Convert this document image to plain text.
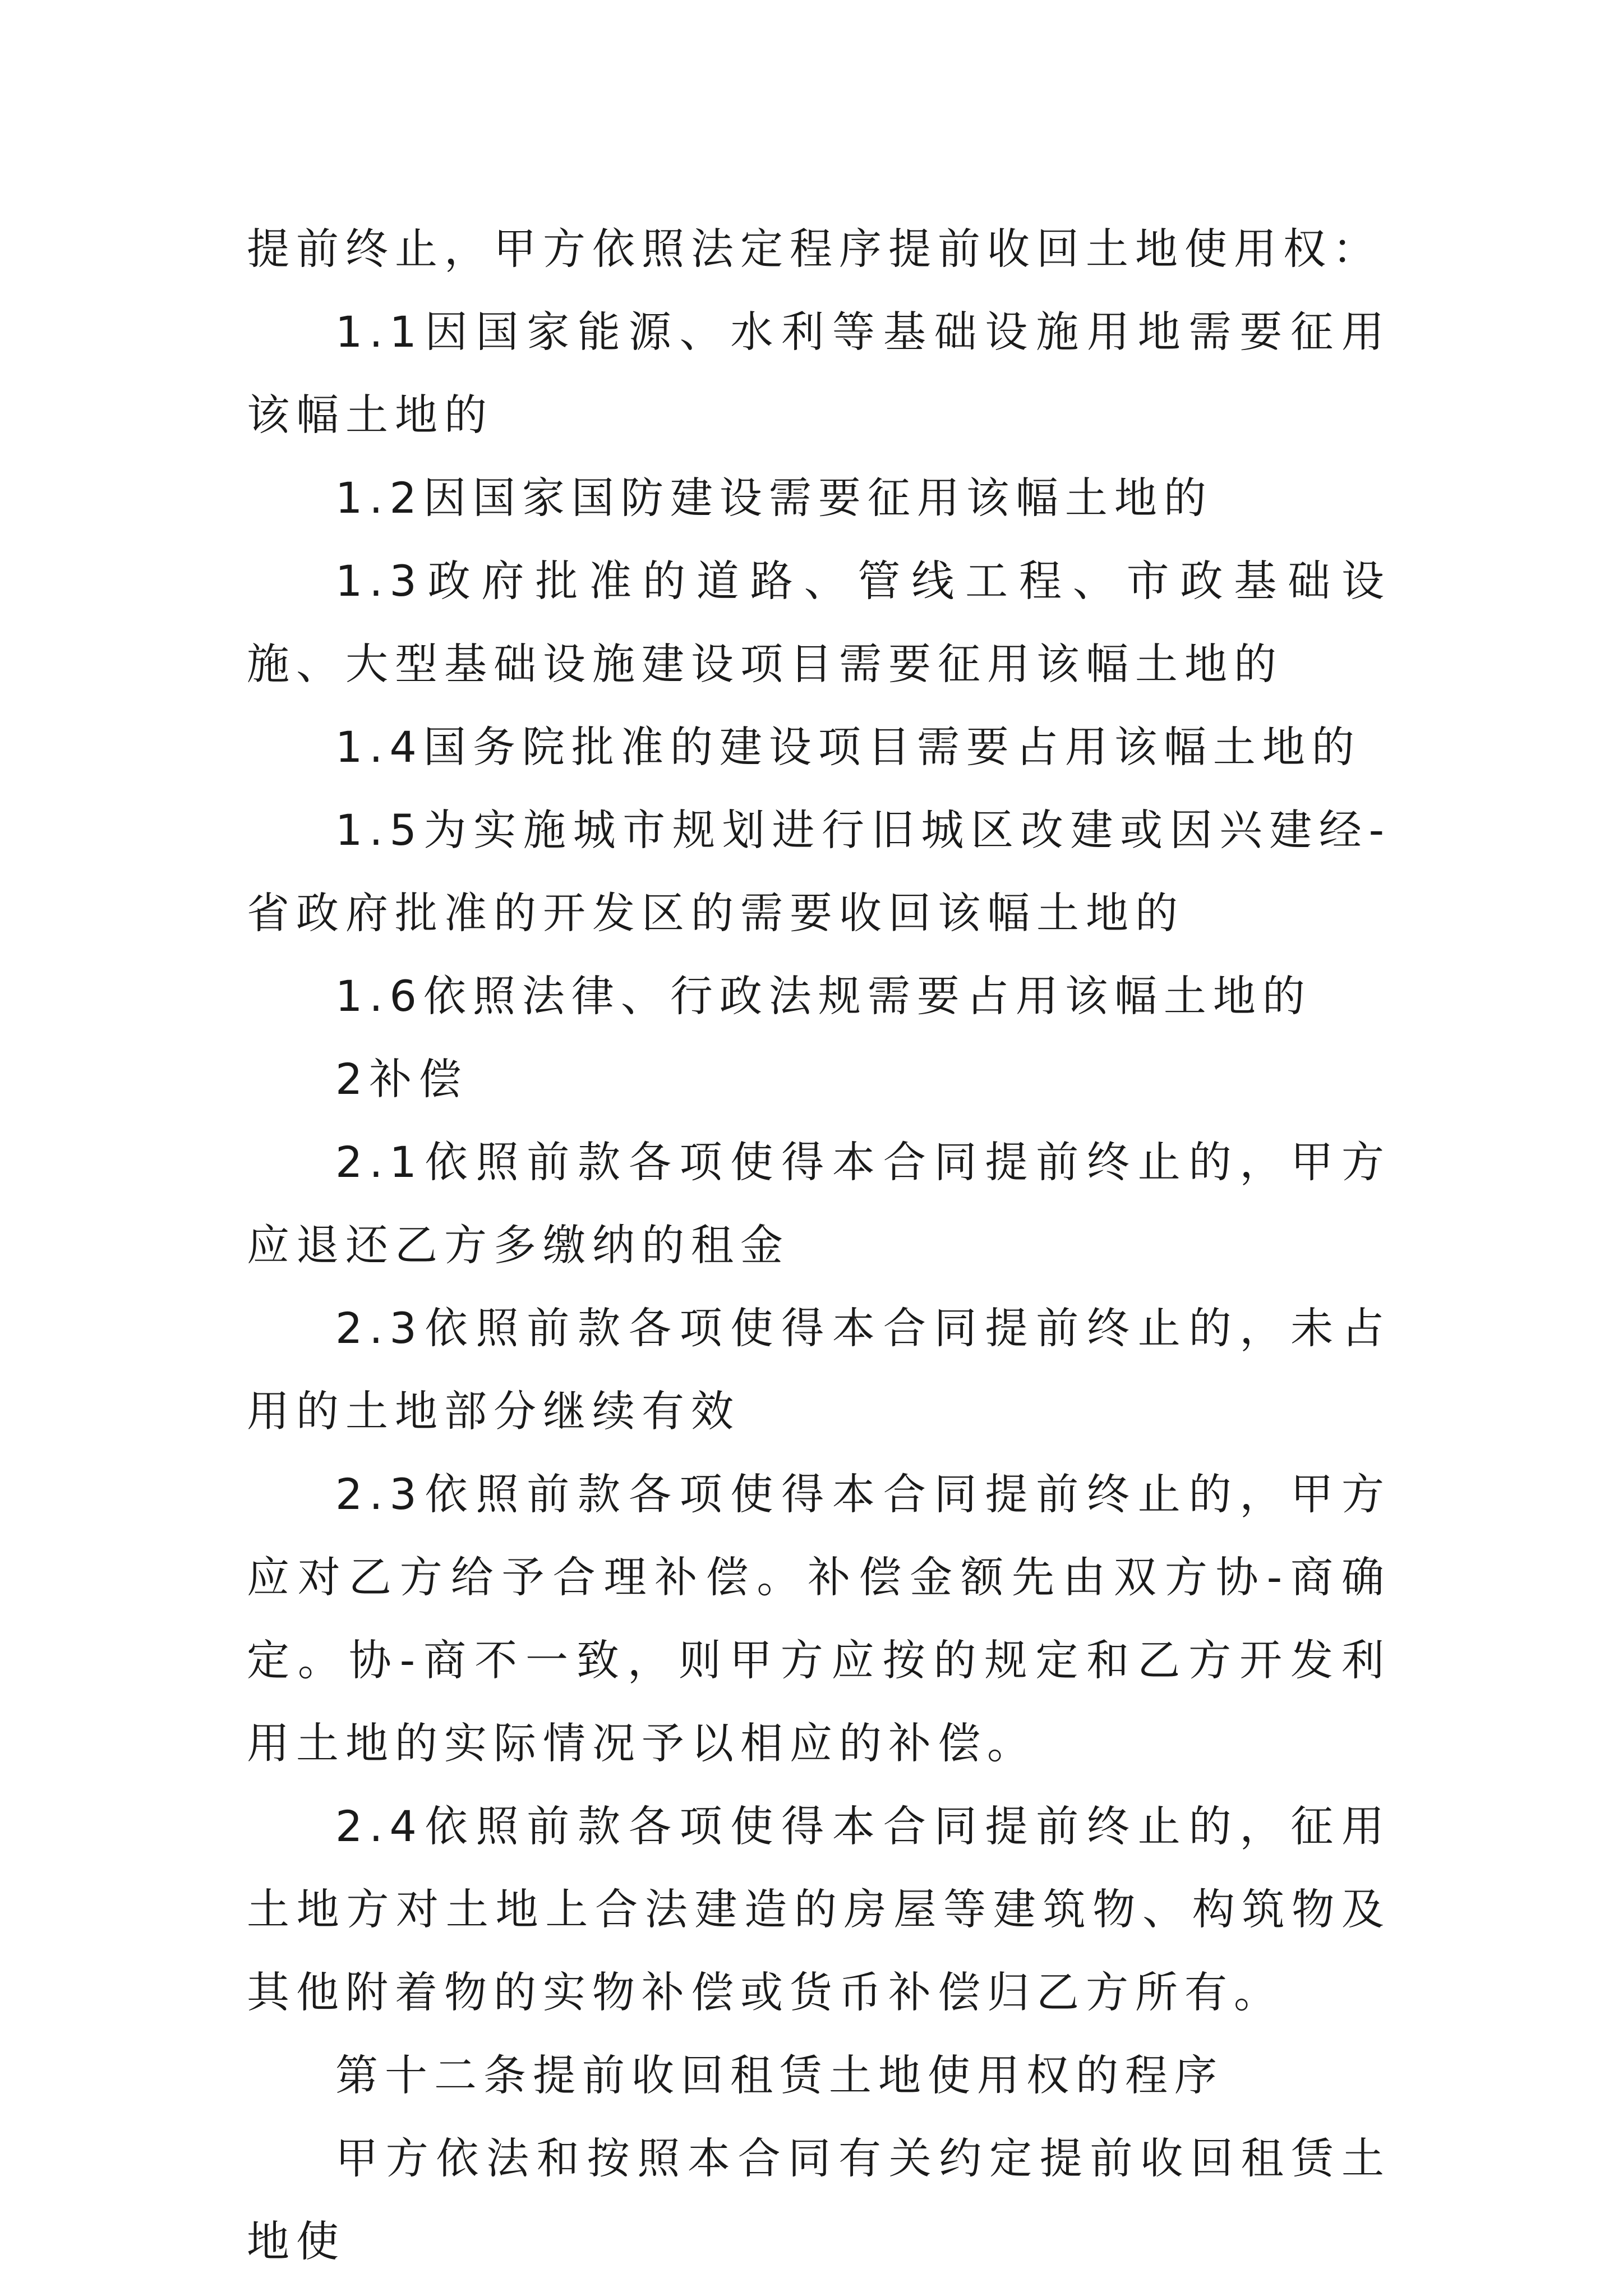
提前终止，甲方依照法定程序提前收回土地使用权：

1.1因国家能源、水利等基础设施用地需要征用该幅土地的

1.2因国家国防建设需要征用该幅土地的

1.3政府批准的道路、管线工程、市政基础设施、大型基础设施建设项目需要征用该幅土地的

1.4国务院批准的建设项目需要占用该幅土地的

1.5为实施城市规划进行旧城区改建或因兴建经-省政府批准的开发区的需要收回该幅土地的

1.6依照法律、行政法规需要占用该幅土地的

2补偿

2.1依照前款各项使得本合同提前终止的，甲方应退还乙方多缴纳的租金

2.3依照前款各项使得本合同提前终止的，未占用的土地部分继续有效

2.3依照前款各项使得本合同提前终止的，甲方应对乙方给予合理补偿。补偿金额先由双方协-商确定。协-商不一致，则甲方应按的规定和乙方开发利用土地的实际情况予以相应的补偿。

2.4依照前款各项使得本合同提前终止的，征用土地方对土地上合法建造的房屋等建筑物、构筑物及其他附着物的实物补偿或货币补偿归乙方所有。

第十二条提前收回租赁土地使用权的程序

甲方依法和按照本合同有关约定提前收回租赁土地使
